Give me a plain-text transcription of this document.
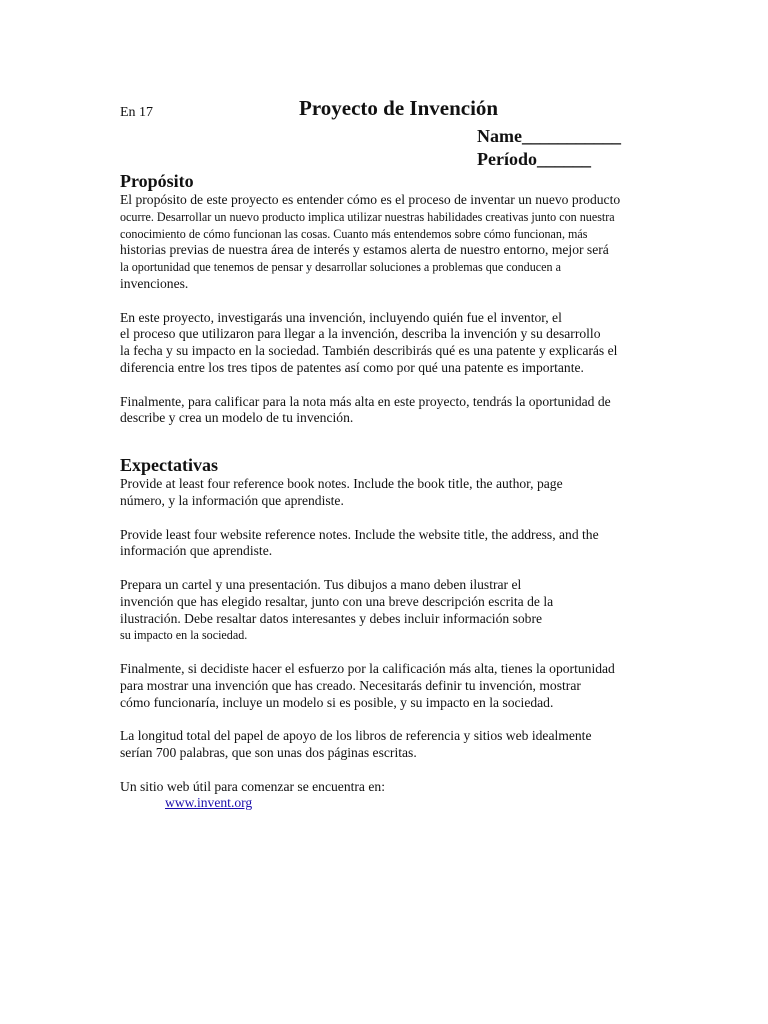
En 17	Proyecto de Invención
Name___________
Período______
Propósito

El propósito de este proyecto es entender cómo es el proceso de inventar un nuevo producto
ocurre. Desarrollar un nuevo producto implica utilizar nuestras habilidades creativas junto con nuestra
conocimiento de cómo funcionan las cosas. Cuanto más entendemos sobre cómo funcionan, más
historias previas de nuestra área de interés y estamos alerta de nuestro entorno, mejor será
la oportunidad que tenemos de pensar y desarrollar soluciones a problemas que conducen a
invenciones.

En este proyecto, investigarás una invención, incluyendo quién fue el inventor, el
el proceso que utilizaron para llegar a la invención, describa la invención y su desarrollo
la fecha y su impacto en la sociedad. También describirás qué es una patente y explicarás el
diferencia entre los tres tipos de patentes así como por qué una patente es importante.

Finalmente, para calificar para la nota más alta en este proyecto, tendrás la oportunidad de
describe y crea un modelo de tu invención.

Expectativas

Provide at least four reference book notes. Include the book title, the author, page
número, y la información que aprendiste.

Provide least four website reference notes. Include the website title, the address, and the
información que aprendiste.

Prepara un cartel y una presentación. Tus dibujos a mano deben ilustrar el
invención que has elegido resaltar, junto con una breve descripción escrita de la
ilustración. Debe resaltar datos interesantes y debes incluir información sobre
su impacto en la sociedad.

Finalmente, si decidiste hacer el esfuerzo por la calificación más alta, tienes la oportunidad
para mostrar una invención que has creado. Necesitarás definir tu invención, mostrar
cómo funcionaría, incluye un modelo si es posible, y su impacto en la sociedad.

La longitud total del papel de apoyo de los libros de referencia y sitios web idealmente
serían 700 palabras, que son unas dos páginas escritas.

Un sitio web útil para comenzar se encuentra en:

www.invent.org
